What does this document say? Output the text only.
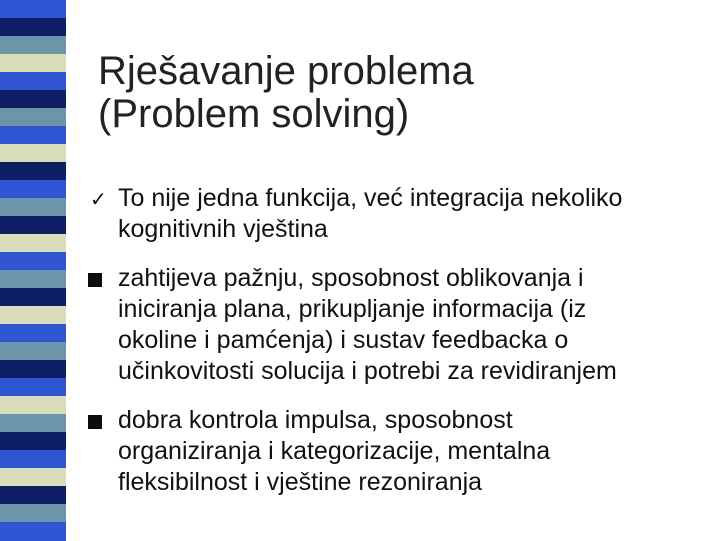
Rješavanje problema
(Problem solving)
✓ To nije jedna funkcija, već integracija nekoliko
kognitivnih vještina
zahtijeva pažnju, sposobnost oblikovanja i
iniciranja plana, prikupljanje informacija (iz
okoline i pamćenja) i sustav feedbacka o
učinkovitosti solucija i potrebi za revidiranjem
dobra kontrola impulsa, sposobnost
organiziranja i kategorizacije, mentalna
fleksibilnost i vještine rezoniranja
